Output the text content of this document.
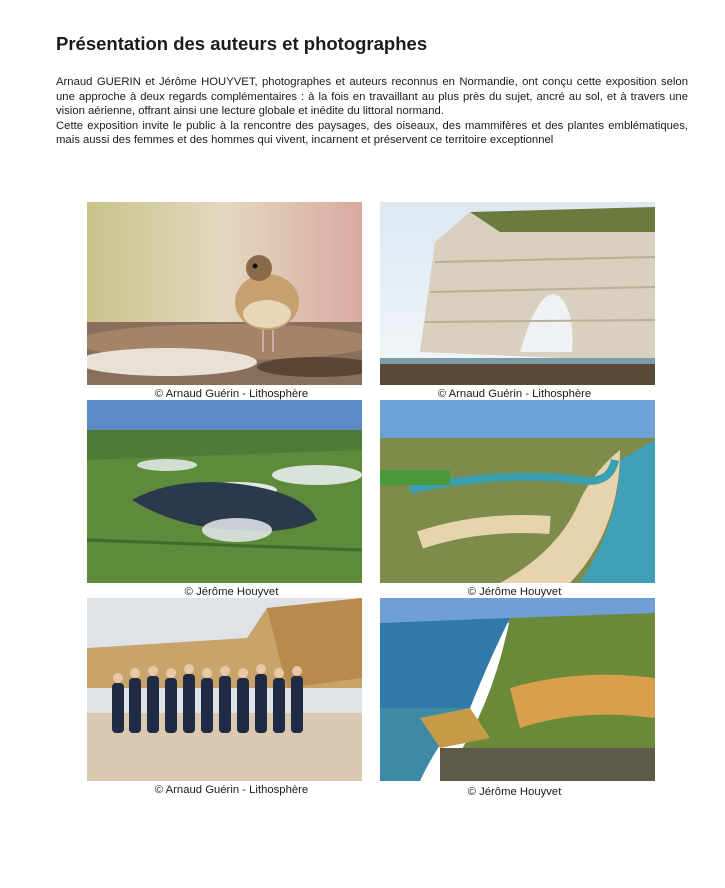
Présentation des auteurs et photographes

Arnaud GUERIN et Jérôme HOUYVET, photographes et auteurs reconnus en Normandie, ont conçu cette exposition selon une approche à deux regards complémentaires : à la fois en travaillant au plus près du sujet, ancré au sol, et à travers une vision aérienne, offrant ainsi une lecture globale et inédite du littoral normand.

Cette exposition invite le public à la rencontre des paysages, des oiseaux, des mammifères et des plantes emblématiques, mais aussi des femmes et des hommes qui vivent, incarnent et préservent ce territoire exceptionnel

© Arnaud Guérin - Lithosphère	© Arnaud Guérin - Lithosphère
© Jérôme Houyvet	© Jérôme Houyvet
© Arnaud Guérin - Lithosphère	© Jérôme Houyvet
